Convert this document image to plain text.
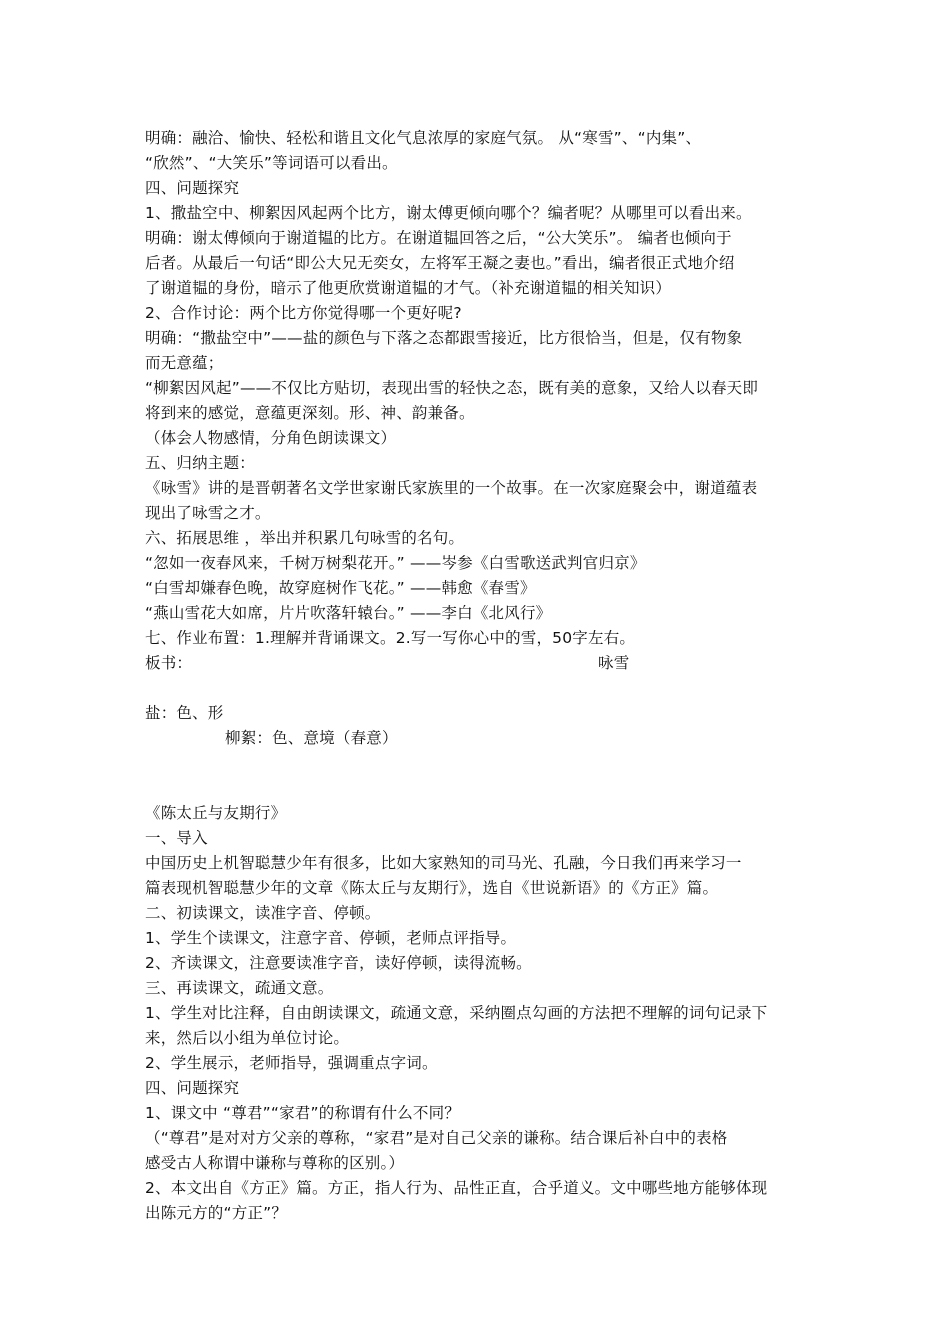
明确：融洽、愉快、轻松和谐且文化气息浓厚的家庭气氛。 从“寒雪”、“内集”、
“欣然”、“大笑乐”等词语可以看出。
四、问题探究
1、撒盐空中、柳絮因风起两个比方，谢太傅更倾向哪个？编者呢？从哪里可以看出来。
明确：谢太傅倾向于谢道韫的比方。在谢道韫回答之后，“公大笑乐”。 编者也倾向于
后者。从最后一句话“即公大兄无奕女，左将军王凝之妻也。”看出，编者很正式地介绍
了谢道韫的身份，暗示了他更欣赏谢道韫的才气。（补充谢道韫的相关知识）
2、合作讨论：两个比方你觉得哪一个更好呢?
明确：“撒盐空中”——盐的颜色与下落之态都跟雪接近，比方很恰当，但是，仅有物象
而无意蕴；
“柳絮因风起”——不仅比方贴切，表现出雪的轻快之态，既有美的意象，又给人以春天即
将到来的感觉，意蕴更深刻。形、神、韵兼备。
（体会人物感情，分角色朗读课文）
五、归纳主题：
《咏雪》讲的是晋朝著名文学世家谢氏家族里的一个故事。在一次家庭聚会中，谢道蕴表
现出了咏雪之才。
六、拓展思维 ，举出并积累几句咏雪的名句。
“忽如一夜春风来，千树万树梨花开。” ——岑参《白雪歌送武判官归京》
“白雪却嫌春色晚，故穿庭树作飞花。” ——韩愈《春雪》
“燕山雪花大如席，片片吹落轩辕台。” ——李白《北风行》
七、作业布置：1.理解并背诵课文。2.写一写你心中的雪，50字左右。
板书：	咏雪
盐：色、形
柳絮：色、意境（春意）
《陈太丘与友期行》
一、导入
中国历史上机智聪慧少年有很多，比如大家熟知的司马光、孔融，今日我们再来学习一
篇表现机智聪慧少年的文章《陈太丘与友期行》，选自《世说新语》的《方正》篇。
二、初读课文，读准字音、停顿。
1、学生个读课文，注意字音、停顿，老师点评指导。
2、齐读课文，注意要读准字音，读好停顿，读得流畅。
三、再读课文，疏通文意。
1、学生对比注释，自由朗读课文，疏通文意，采纳圈点勾画的方法把不理解的词句记录下
来，然后以小组为单位讨论。
2、学生展示，老师指导，强调重点字词。
四、问题探究
1、课文中 “尊君”“家君”的称谓有什么不同？
（“尊君”是对对方父亲的尊称，“家君”是对自己父亲的谦称。结合课后补白中的表格
感受古人称谓中谦称与尊称的区别。）
2、本文出自《方正》篇。方正，指人行为、品性正直，合乎道义。文中哪些地方能够体现
出陈元方的“方正”？
